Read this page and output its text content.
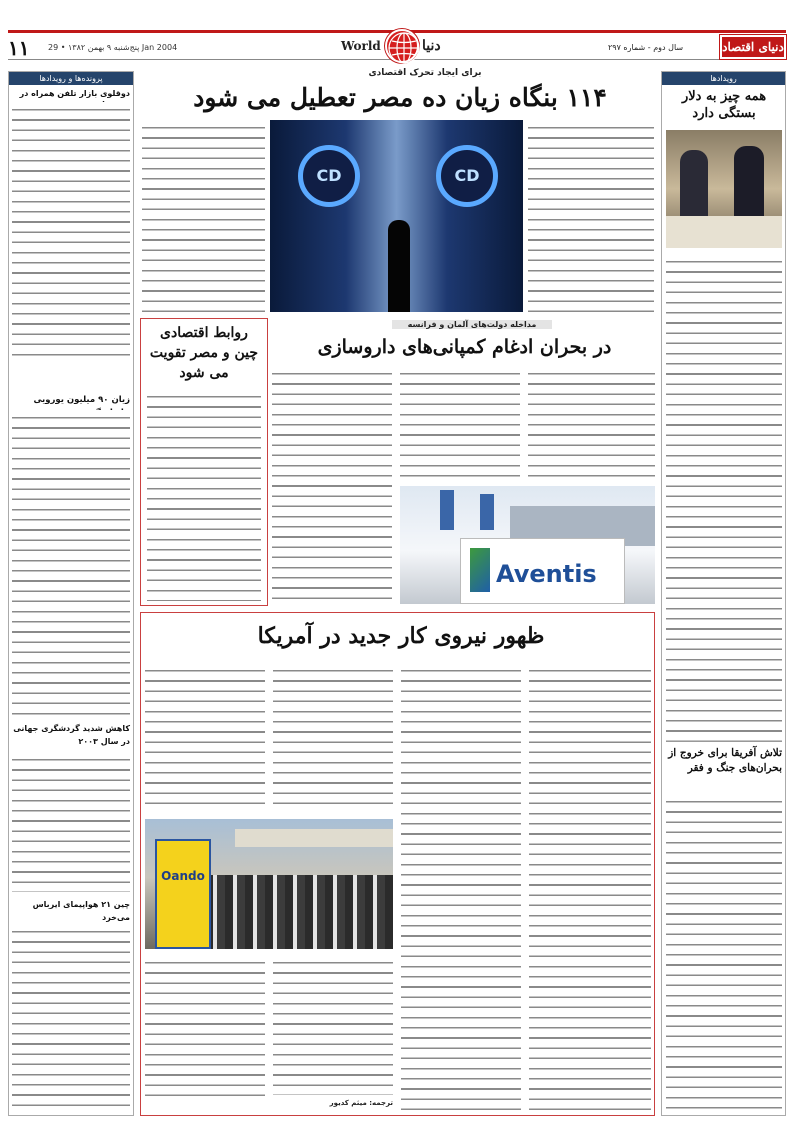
۱۱ پنج‌شنبه ۹ بهمن ۱۳۸۲ • 29 Jan 2004	World	دنیا	سال دوم - شماره ۲۹۷	دنیای اقتصاد
پرونده‌ها و رویدادها
دوقلوی بازار تلفن همراه در
زیان ۹۰ میلیون یورویی
کاهش شدید گردشگری جهانی در سال ۲۰۰۳
چین ۲۱ هواپیمای ایرباس می‌خرد
برای ایجاد تحرک اقتصادی
۱۱۴ بنگاه زیان ده مصر تعطیل می شود
CD	CD
رویدادها
همه چیز به دلار بستگی دارد
تلاش آفریقا برای خروج از بحران‌های جنگ و فقر
روابط اقتصادی چین و مصر تقویت می شود
مداخله دولت‌های آلمان و فرانسه
در بحران ادغام کمپانی‌های داروسازی
Aventis
ظهور نیروی کار جدید در آمریکا
Oando
ترجمه: میثم کدیور
